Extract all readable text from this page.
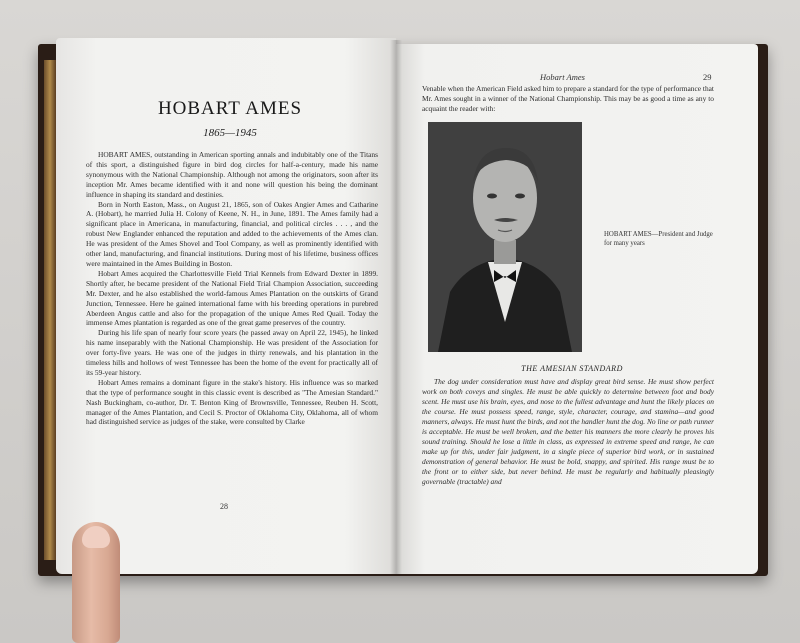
HOBART AMES
1865—1945

HOBART AMES, outstanding in American sporting annals and indubitably one of the Titans of this sport, a distinguished figure in bird dog circles for half-a-century, made his name synonymous with the National Championship. Although not among the originators, soon after its inception Mr. Ames became identified with it and none will question his being the dominant influence in shaping its standard and destinies.

Born in North Easton, Mass., on August 21, 1865, son of Oakes Angier Ames and Catharine A. (Hobart), he married Julia H. Colony of Keene, N. H., in June, 1891. The Ames family had a significant place in Americana, in manufacturing, financial, and political circles . . . , and the robust New Englander enhanced the reputation and added to the achievements of the Ames clan. He was president of the Ames Shovel and Tool Company, as well as prominently identified with other land, manufacturing, and financial institutions. During most of his lifetime, business offices were maintained in the Ames Building in Boston.

Hobart Ames acquired the Charlottesville Field Trial Kennels from Edward Dexter in 1899. Shortly after, he became president of the National Field Trial Champion Association, succeeding Mr. Dexter, and he also established the world-famous Ames Plantation on the outskirts of Grand Junction, Tennessee. Here he gained international fame with his breeding operations in purebred Aberdeen Angus cattle and also for the propagation of the unique Ames Red Quail. Today the immense Ames plantation is regarded as one of the great game preserves of the country.

During his life span of nearly four score years (he passed away on April 22, 1945), he linked his name inseparably with the National Championship. He was president of the Association for over forty-five years. He was one of the judges in thirty renewals, and his plantation in the timeless hills and hollows of west Tennessee has been the home of the event for practically all of its 59-year history.

Hobart Ames remains a dominant figure in the stake's history. His influence was so marked that the type of performance sought in this classic event is described as "The Amesian Standard." Nash Buckingham, co-author, Dr. T. Benton King of Brownsville, Tennessee, Reuben H. Scott, manager of the Ames Plantation, and Cecil S. Proctor of Oklahoma City, Oklahoma, all of whom had distinguished service as judges of the stake, were consulted by Clarke

28
Hobart Ames	29
Venable when the American Field asked him to prepare a standard for the type of performance that Mr. Ames sought in a winner of the National Championship. This may be as good a time as any to acquaint the reader with:
HOBART AMES—President and Judge for many years
THE AMESIAN STANDARD

The dog under consideration must have and display great bird sense. He must show perfect work on both coveys and singles. He must be able quickly to determine between foot and body scent. He must use his brain, eyes, and nose to the fullest advantage and hunt the likely places on the course. He must possess speed, range, style, character, courage, and stamina—and good manners, always. He must hunt the birds, and not the handler hunt the dog. No line or path runner is acceptable. He must be well broken, and the better his manners the more clearly he proves his sound training. Should he lose a little in class, as expressed in extreme speed and range, he can make up for this, under fair judgment, in a single piece of superior bird work, or in sustained demonstration of general behavior. He must be bold, snappy, and spirited. His range must be to the front or to either side, but never behind. He must be regularly and habitually pleasingly governable (tractable) and
